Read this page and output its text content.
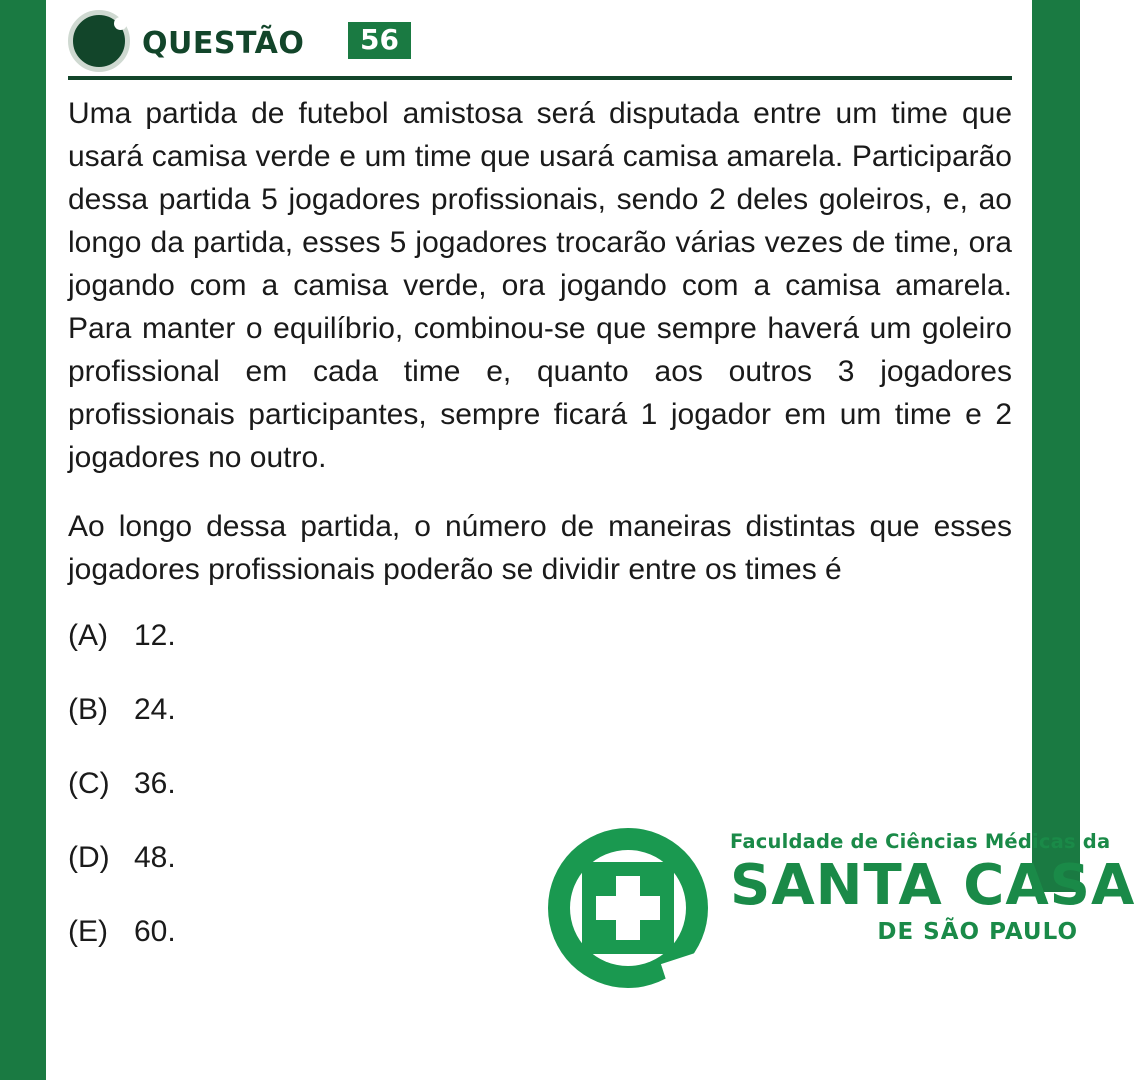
QUESTÃO	56

Uma partida de futebol amistosa será disputada entre um time que usará camisa verde e um time que usará camisa amarela. Participarão dessa partida 5 jogadores profissionais, sendo 2 deles goleiros, e, ao longo da partida, esses 5 jogadores trocarão várias vezes de time, ora jogando com a camisa verde, ora jogando com a camisa amarela. Para manter o equilíbrio, combinou-se que sempre haverá um goleiro profissional em cada time e, quanto aos outros 3 jogadores profissionais participantes, sempre ficará 1 jogador em um time e 2 jogadores no outro.

Ao longo dessa partida, o número de maneiras distintas que esses jogadores profissionais poderão se dividir entre os times é

(A) 12.
(B) 24.
(C) 36.
(D) 48.
(E) 60.
Faculdade de Ciências Médicas da
SANTA CASA
DE SÃO PAULO
